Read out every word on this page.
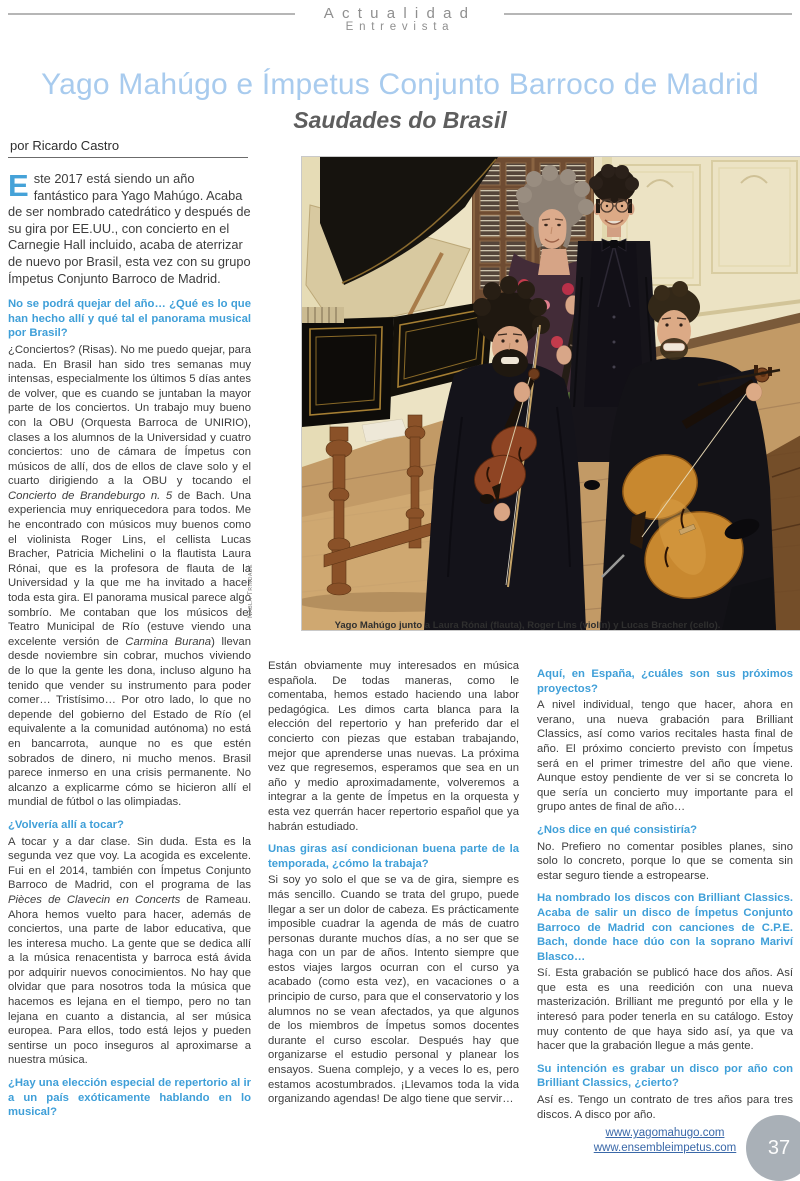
Actualidad
Entrevista
Yago Mahúgo e Ímpetus Conjunto Barroco de Madrid
Saudades do Brasil
por Ricardo Castro

Este 2017 está siendo un año fantástico para Yago Mahúgo. Acaba de ser nombrado catedrático y después de su gira por EE.UU., con concierto en el Carnegie Hall incluido, acaba de aterrizar de nuevo por Brasil, esta vez con su grupo Ímpetus Conjunto Barroco de Madrid.

No se podrá quejar del año… ¿Qué es lo que han hecho allí y qué tal el panorama musical por Brasil?

¿Conciertos? (Risas). No me puedo quejar, para nada. En Brasil han sido tres semanas muy intensas, especialmente los últimos 5 días antes de volver, que es cuando se juntaban la mayor parte de los conciertos. Un trabajo muy bueno con la OBU (Orquesta Barroca de UNIRIO), clases a los alumnos de la Universidad y cuatro conciertos: uno de cámara de Ímpetus con músicos de allí, dos de ellos de clave solo y el cuarto dirigiendo a la OBU y tocando el Concierto de Brandeburgo n. 5 de Bach. Una experiencia muy enriquecedora para todos. Me he encontrado con músicos muy buenos como el violinista Roger Lins, el cellista Lucas Bracher, Patricia Michelini o la flautista Laura Rónai, que es la profesora de flauta de la Universidad y la que me ha invitado a hacer toda esta gira. El panorama musical parece algo sombrío. Me contaban que los músicos del Teatro Municipal de Río (estuve viendo una excelente versión de Carmina Burana) llevan desde noviembre sin cobrar, muchos viviendo de lo que la gente les dona, incluso alguno ha tenido que vender su instrumento para poder comer… Tristísimo… Por otro lado, lo que no depende del gobierno del Estado de Río (el equivalente a la comunidad autónoma) no está en bancarrota, aunque no es que estén sobrados de dinero, ni mucho menos. Brasil parece inmerso en una crisis permanente. No alcanzo a explicarme cómo se hicieron allí el mundial de fútbol o las olimpiadas.

¿Volvería allí a tocar?

A tocar y a dar clase. Sin duda. Esta es la segunda vez que voy. La acogida es excelente. Fui en el 2014, también con Ímpetus Conjunto Barroco de Madrid, con el programa de las Pièces de Clavecin en Concerts de Rameau. Ahora hemos vuelto para hacer, además de conciertos, una parte de labor educativa, que les interesa mucho. La gente que se dedica allí a la música renacentista y barroca está ávida por adquirir nuevos conocimientos. No hay que olvidar que para nosotros toda la música que hacemos es lejana en el tiempo, pero no tan lejana en cuanto a distancia, al ser música europea. Para ellos, todo está lejos y pueden sentirse un poco inseguros al aproximarse a nuestra música.

¿Hay una elección especial de repertorio al ir a un país exóticamente hablando en lo musical?

Nabla Trindade
Yago Mahúgo junto a Laura Rónai (flauta), Roger Lins (violín) y Lucas Bracher (cello).

Están obviamente muy interesados en música española. De todas maneras, como le comentaba, hemos estado haciendo una labor pedagógica. Les dimos carta blanca para la elección del repertorio y han preferido dar el concierto con piezas que estaban trabajando, mejor que aprenderse unas nuevas. La próxima vez que regresemos, esperamos que sea en un año y medio aproximadamente, volveremos a integrar a la gente de Ímpetus en la orquesta y esta vez querrán hacer repertorio español que ya habrán estudiado.

Unas giras así condicionan buena parte de la temporada, ¿cómo la trabaja?

Si soy yo solo el que se va de gira, siempre es más sencillo. Cuando se trata del grupo, puede llegar a ser un dolor de cabeza. Es prácticamente imposible cuadrar la agenda de más de cuatro personas durante muchos días, a no ser que se haga con un par de años. Intento siempre que estos viajes largos ocurran con el curso ya acabado (como esta vez), en vacaciones o a principio de curso, para que el conservatorio y los alumnos no se vean afectados, ya que algunos de los miembros de Ímpetus somos docentes durante el curso escolar. Después hay que organizarse el estudio personal y planear los ensayos. Suena complejo, y a veces lo es, pero estamos acostumbrados. ¡Llevamos toda la vida organizando agendas! De algo tiene que servir…

Aquí, en España, ¿cuáles son sus próximos proyectos?

A nivel individual, tengo que hacer, ahora en verano, una nueva grabación para Brilliant Classics, así como varios recitales hasta final de año. El próximo concierto previsto con Ímpetus será en el primer trimestre del año que viene. Aunque estoy pendiente de ver si se concreta lo que sería un concierto muy importante para el grupo antes de final de año…

¿Nos dice en qué consistiría?

No. Prefiero no comentar posibles planes, sino solo lo concreto, porque lo que se comenta sin estar seguro tiende a estropearse.

Ha nombrado los discos con Brilliant Classics. Acaba de salir un disco de Ímpetus Conjunto Barroco de Madrid con canciones de C.P.E. Bach, donde hace dúo con la soprano Mariví Blasco…

Sí. Esta grabación se publicó hace dos años. Así que esta es una reedición con una nueva masterización. Brilliant me preguntó por ella y le interesó para poder tenerla en su catálogo. Estoy muy contento de que haya sido así, ya que va hacer que la grabación llegue a más gente.

Su intención es grabar un disco por año con Brilliant Classics, ¿cierto?

Así es. Tengo un contrato de tres años para tres discos. A disco por año.

www.yagomahugo.com
www.ensembleimpetus.com	37
